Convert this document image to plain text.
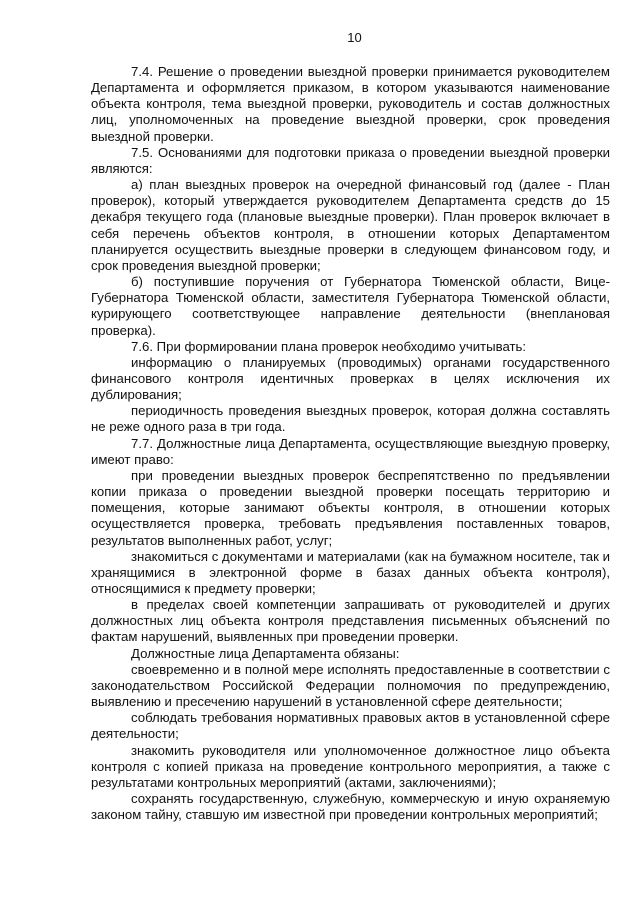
10

7.4. Решение о проведении выездной проверки принимается руководителем Департамента и оформляется приказом, в котором указываются наименование объекта контроля, тема выездной проверки, руководитель и состав должностных лиц, уполномоченных на проведение выездной проверки, срок проведения выездной проверки.

7.5. Основаниями для подготовки приказа о проведении выездной проверки являются:

а) план выездных проверок на очередной финансовый год (далее - План проверок), который утверждается руководителем Департамента средств до 15 декабря текущего года (плановые выездные проверки). План проверок включает в себя перечень объектов контроля, в отношении которых Департаментом планируется осуществить выездные проверки в следующем финансовом году, и срок проведения выездной проверки;

б) поступившие поручения от Губернатора Тюменской области, Вице-Губернатора Тюменской области, заместителя Губернатора Тюменской области, курирующего соответствующее направление деятельности (внеплановая проверка).

7.6. При формировании плана проверок необходимо учитывать:

информацию о планируемых (проводимых) органами государственного финансового контроля идентичных проверках в целях исключения их дублирования;

периодичность проведения выездных проверок, которая должна составлять не реже одного раза в три года.

7.7. Должностные лица Департамента, осуществляющие выездную проверку, имеют право:

при проведении выездных проверок беспрепятственно по предъявлении копии приказа о проведении выездной проверки посещать территорию и помещения, которые занимают объекты контроля, в отношении которых осуществляется проверка, требовать предъявления поставленных товаров, результатов выполненных работ, услуг;

знакомиться с документами и материалами (как на бумажном носителе, так и хранящимися в электронной форме в базах данных объекта контроля), относящимися к предмету проверки;

в пределах своей компетенции запрашивать от руководителей и других должностных лиц объекта контроля представления письменных объяснений по фактам нарушений, выявленных при проведении проверки.

Должностные лица Департамента обязаны:

своевременно и в полной мере исполнять предоставленные в соответствии с законодательством Российской Федерации полномочия по предупреждению, выявлению и пресечению нарушений в установленной сфере деятельности;

соблюдать требования нормативных правовых актов в установленной сфере деятельности;

знакомить руководителя или уполномоченное должностное лицо объекта контроля с копией приказа на проведение контрольного мероприятия, а также с результатами контрольных мероприятий (актами, заключениями);

сохранять государственную, служебную, коммерческую и иную охраняемую законом тайну, ставшую им известной при проведении контрольных мероприятий;
